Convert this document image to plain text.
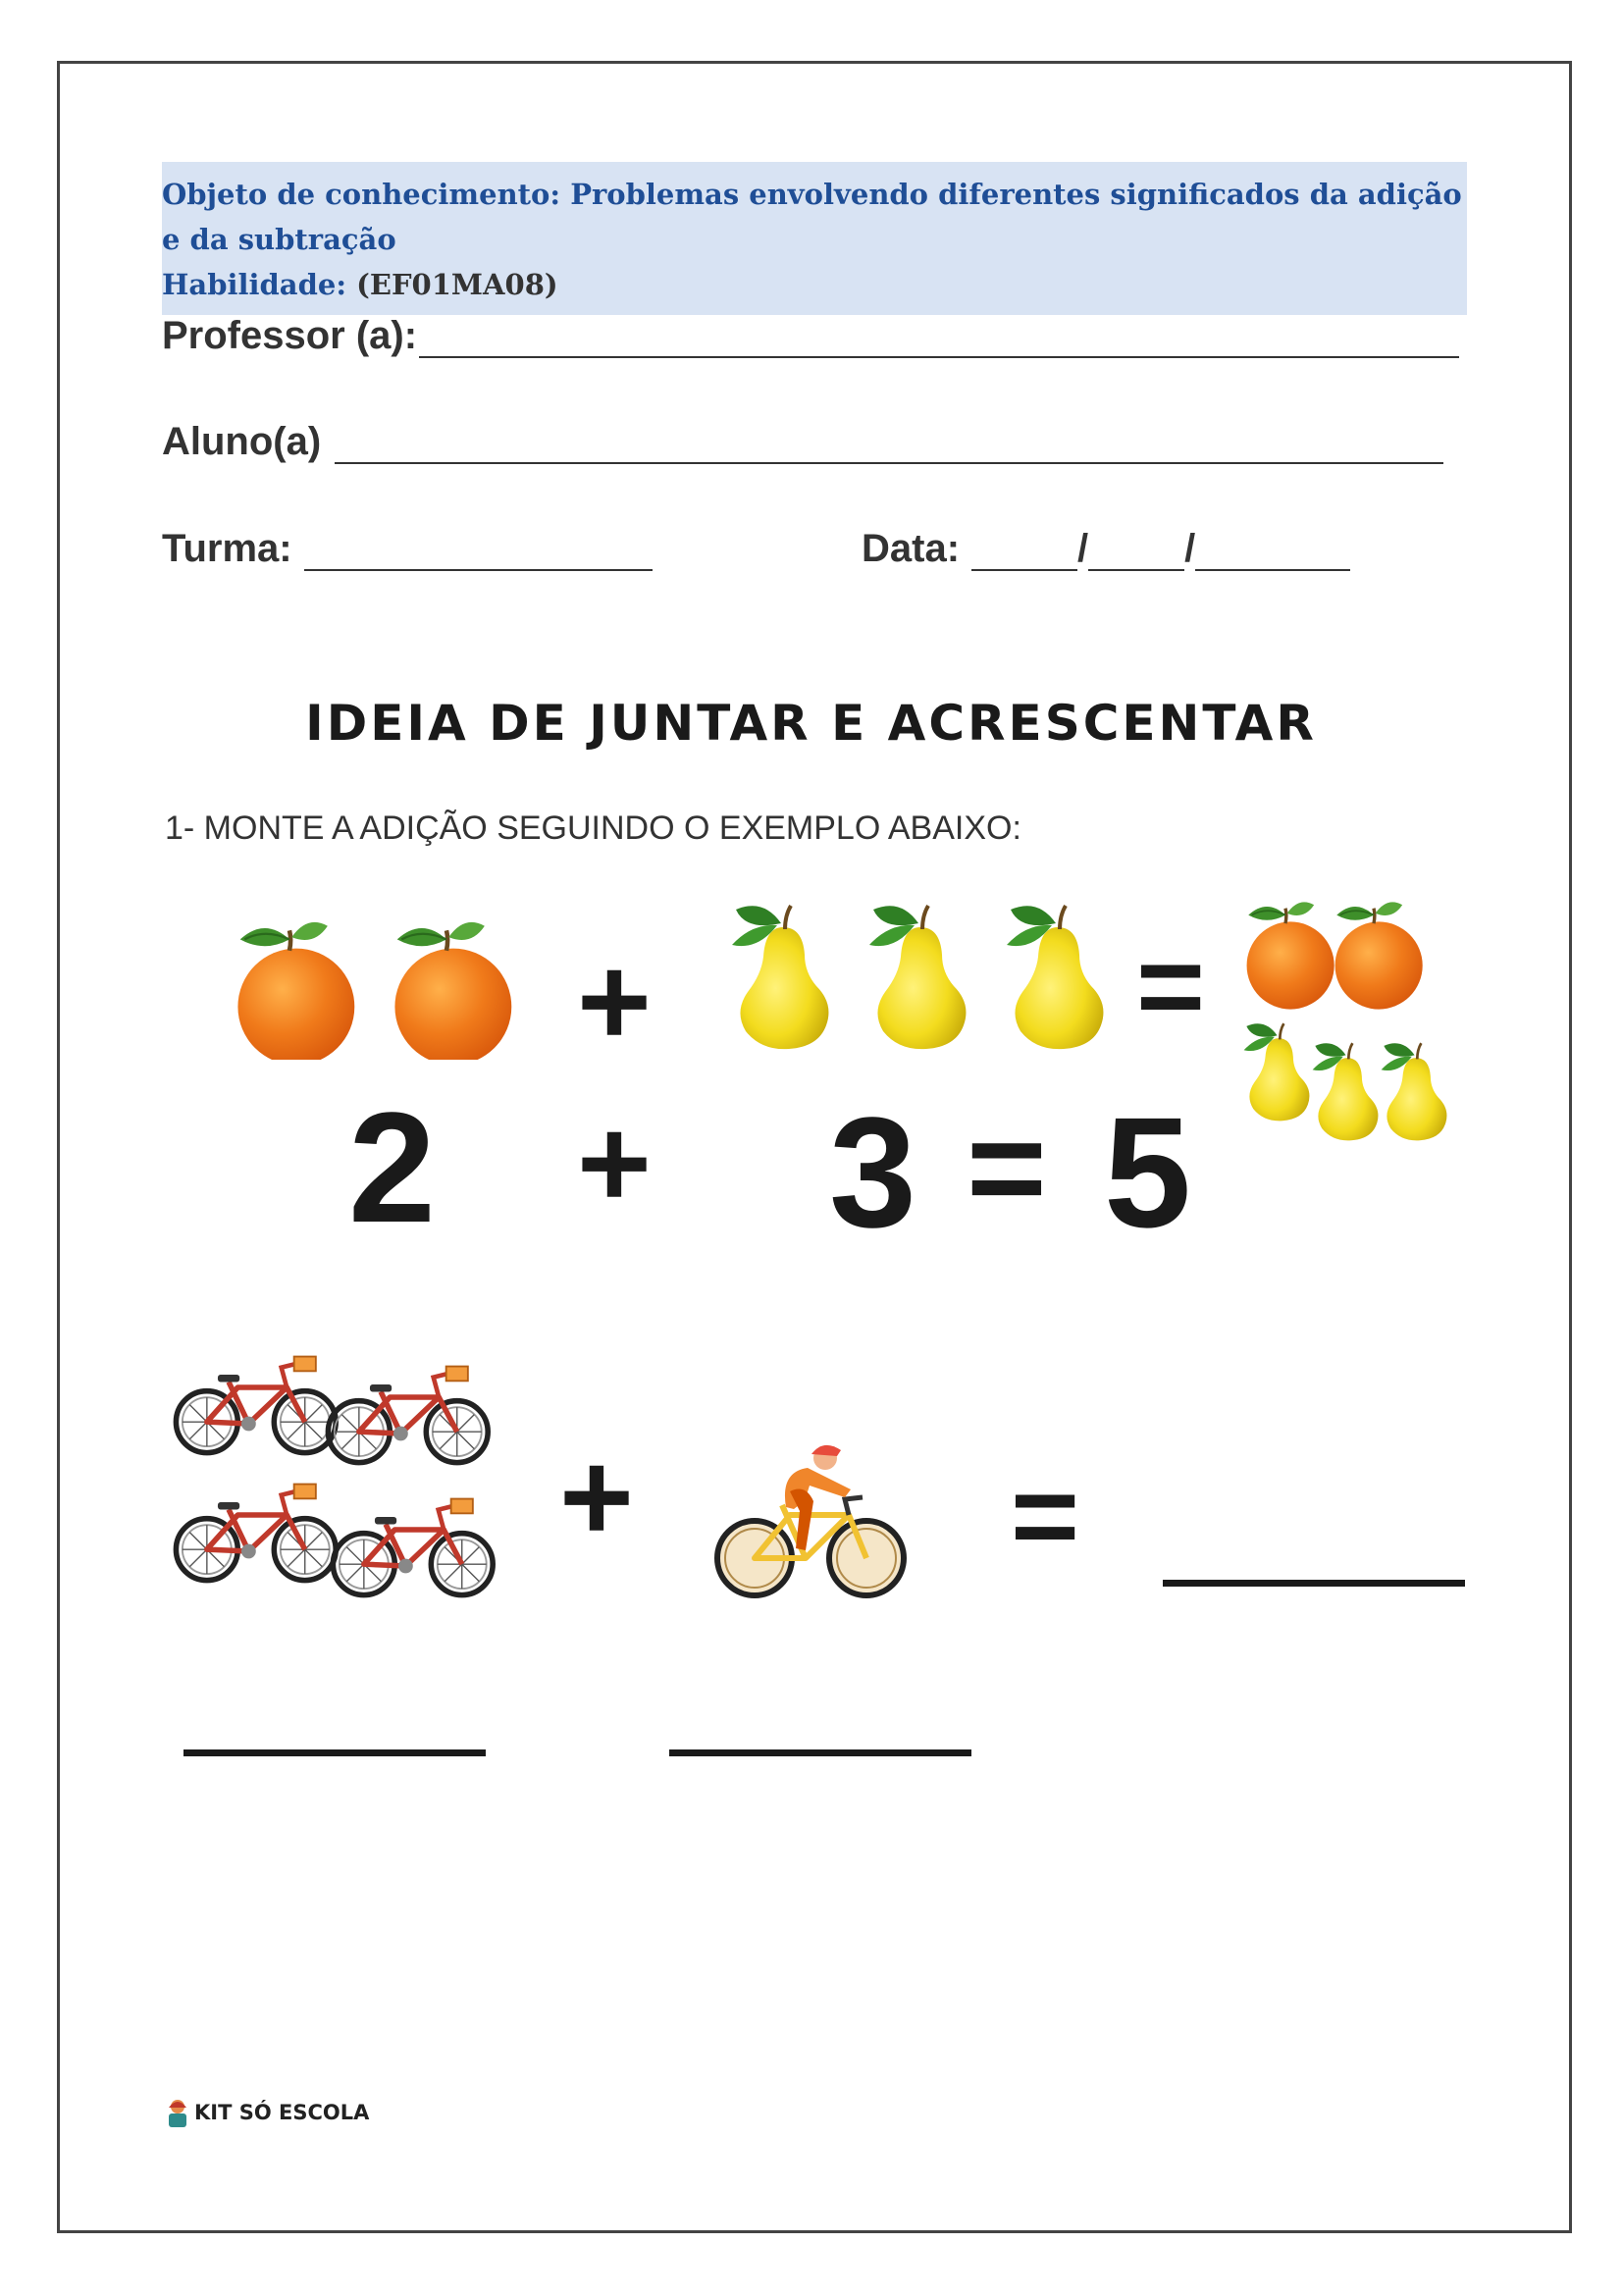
Objeto de conhecimento: Problemas envolvendo diferentes significados da adição e da subtração
Habilidade: (EF01MA08)
Professor (a):
Aluno(a)
Turma:	Data:	/ /
IDEIA DE JUNTAR E ACRESCENTAR
1- MONTE A ADIÇÃO SEGUINDO O EXEMPLO ABAIXO:
+	=
2 + 3 = 5
+	=
KIT SÓ ESCOLA
